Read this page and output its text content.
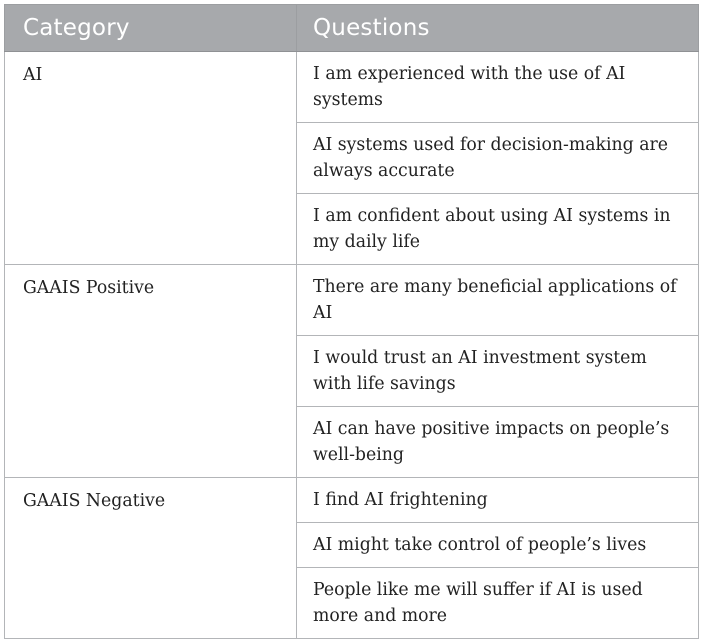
Category	Questions
AI	I am experienced with the use of AI systems
	AI systems used for decision-making are always accurate
	I am confident about using AI systems in my daily life
GAAIS Positive	There are many beneficial applications of AI
	I would trust an AI investment system with life savings
	AI can have positive impacts on people’s well-being
GAAIS Negative	I find AI frightening
	AI might take control of people’s lives
	People like me will suffer if AI is used more and more
